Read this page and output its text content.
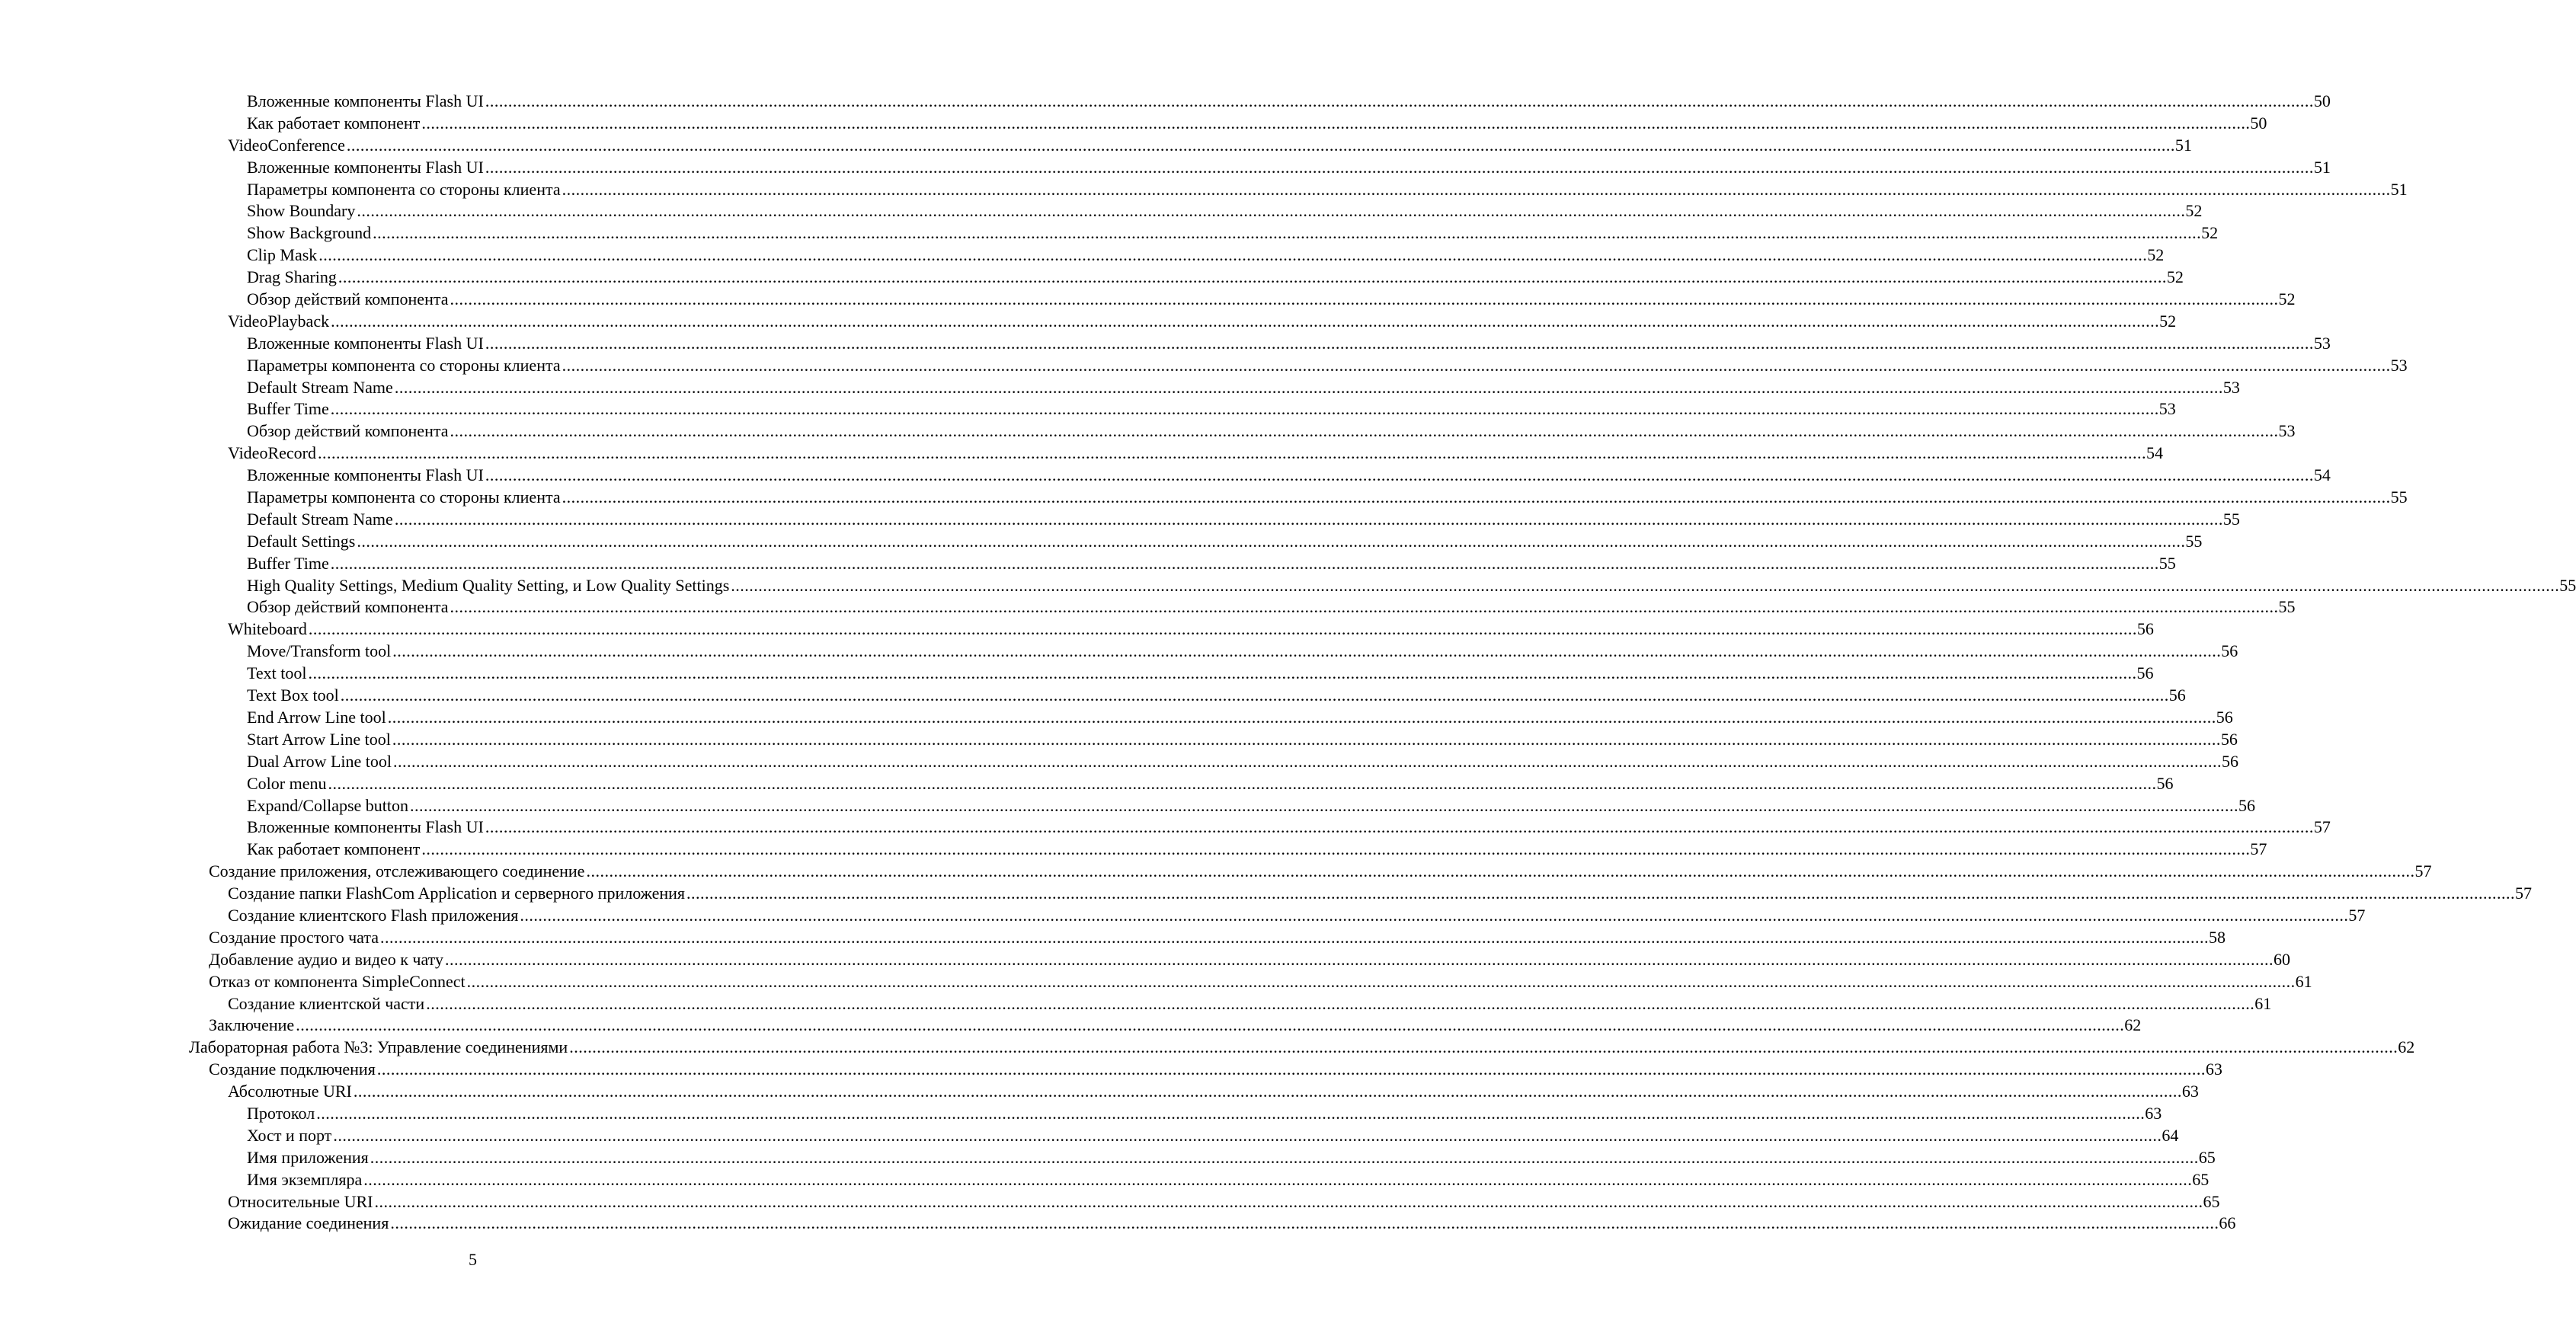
Вложенные компоненты Flash UI ................................................................................................................................................................................................................................................................................................................................................................................................................ 50
Как работает компонент ................................................................................................................................................................................................................................................................................................................................................................................................................ 50
VideoConference ................................................................................................................................................................................................................................................................................................................................................................................................................ 51
Вложенные компоненты Flash UI ................................................................................................................................................................................................................................................................................................................................................................................................................ 51
Параметры компонента со стороны клиента ................................................................................................................................................................................................................................................................................................................................................................................................................ 51
Show Boundary ................................................................................................................................................................................................................................................................................................................................................................................................................ 52
Show Background ................................................................................................................................................................................................................................................................................................................................................................................................................ 52
Clip Mask ................................................................................................................................................................................................................................................................................................................................................................................................................ 52
Drag Sharing ................................................................................................................................................................................................................................................................................................................................................................................................................ 52
Обзор действий компонента ................................................................................................................................................................................................................................................................................................................................................................................................................ 52
VideoPlayback ................................................................................................................................................................................................................................................................................................................................................................................................................ 52
Вложенные компоненты Flash UI ................................................................................................................................................................................................................................................................................................................................................................................................................ 53
Параметры компонента со стороны клиента ................................................................................................................................................................................................................................................................................................................................................................................................................ 53
Default Stream Name ................................................................................................................................................................................................................................................................................................................................................................................................................ 53
Buffer Time ................................................................................................................................................................................................................................................................................................................................................................................................................ 53
Обзор действий компонента ................................................................................................................................................................................................................................................................................................................................................................................................................ 53
VideoRecord ................................................................................................................................................................................................................................................................................................................................................................................................................ 54
Вложенные компоненты Flash UI ................................................................................................................................................................................................................................................................................................................................................................................................................ 54
Параметры компонента со стороны клиента ................................................................................................................................................................................................................................................................................................................................................................................................................ 55
Default Stream Name ................................................................................................................................................................................................................................................................................................................................................................................................................ 55
Default Settings ................................................................................................................................................................................................................................................................................................................................................................................................................ 55
Buffer Time ................................................................................................................................................................................................................................................................................................................................................................................................................ 55
High Quality Settings, Medium Quality Setting, и Low Quality Settings ................................................................................................................................................................................................................................................................................................................................................................................................................ 55
Обзор действий компонента ................................................................................................................................................................................................................................................................................................................................................................................................................ 55
Whiteboard ................................................................................................................................................................................................................................................................................................................................................................................................................ 56
Move/Transform tool ................................................................................................................................................................................................................................................................................................................................................................................................................ 56
Text tool ................................................................................................................................................................................................................................................................................................................................................................................................................ 56
Text Box tool ................................................................................................................................................................................................................................................................................................................................................................................................................ 56
End Arrow Line tool ................................................................................................................................................................................................................................................................................................................................................................................................................ 56
Start Arrow Line tool ................................................................................................................................................................................................................................................................................................................................................................................................................ 56
Dual Arrow Line tool ................................................................................................................................................................................................................................................................................................................................................................................................................ 56
Color menu ................................................................................................................................................................................................................................................................................................................................................................................................................ 56
Expand/Collapse button ................................................................................................................................................................................................................................................................................................................................................................................................................ 56
Вложенные компоненты Flash UI ................................................................................................................................................................................................................................................................................................................................................................................................................ 57
Как работает компонент ................................................................................................................................................................................................................................................................................................................................................................................................................ 57
Создание приложения, отслеживающего соединение ................................................................................................................................................................................................................................................................................................................................................................................................................ 57
Создание папки FlashCom Application и серверного приложения ................................................................................................................................................................................................................................................................................................................................................................................................................ 57
Создание клиентского Flash приложения ................................................................................................................................................................................................................................................................................................................................................................................................................ 57
Создание простого чата ................................................................................................................................................................................................................................................................................................................................................................................................................ 58
Добавление аудио и видео к чату ................................................................................................................................................................................................................................................................................................................................................................................................................ 60
Отказ от компонента SimpleConnect ................................................................................................................................................................................................................................................................................................................................................................................................................ 61
Создание клиентской части ................................................................................................................................................................................................................................................................................................................................................................................................................ 61
Заключение ................................................................................................................................................................................................................................................................................................................................................................................................................ 62
Лабораторная работа №3: Управление соединениями ................................................................................................................................................................................................................................................................................................................................................................................................................ 62
Создание подключения ................................................................................................................................................................................................................................................................................................................................................................................................................ 63
Абсолютные URI ................................................................................................................................................................................................................................................................................................................................................................................................................ 63
Протокол ................................................................................................................................................................................................................................................................................................................................................................................................................ 63
Хост и порт ................................................................................................................................................................................................................................................................................................................................................................................................................ 64
Имя приложения ................................................................................................................................................................................................................................................................................................................................................................................................................ 65
Имя экземпляра ................................................................................................................................................................................................................................................................................................................................................................................................................ 65
Относительные URI ................................................................................................................................................................................................................................................................................................................................................................................................................ 65
Ожидание соединения ................................................................................................................................................................................................................................................................................................................................................................................................................ 66
5
